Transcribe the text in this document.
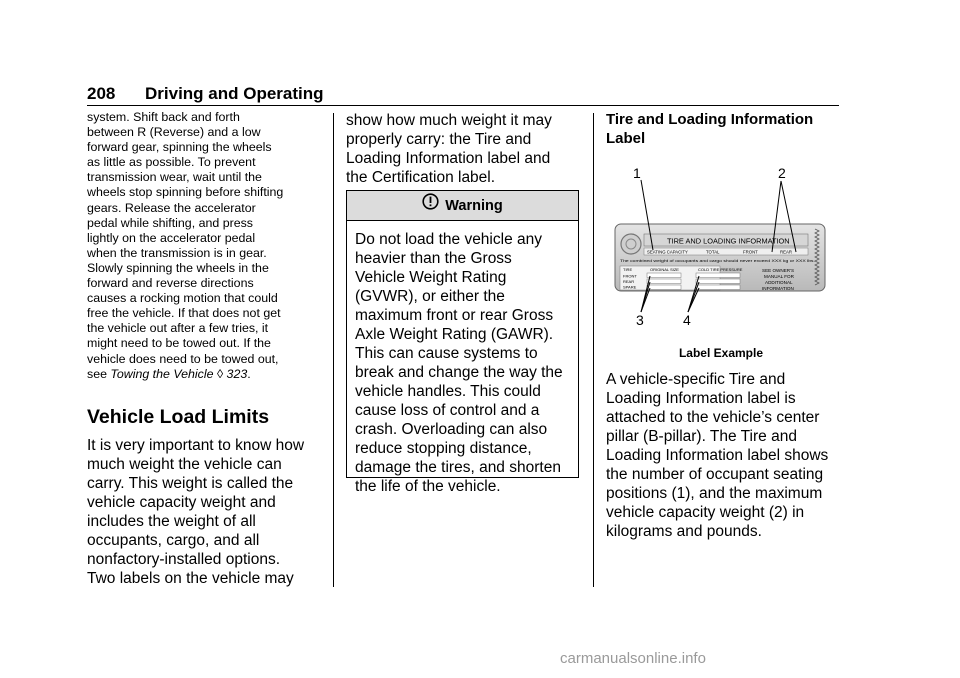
208 Driving and Operating
system. Shift back and forth
between R (Reverse) and a low
forward gear, spinning the wheels
as little as possible. To prevent
transmission wear, wait until the
wheels stop spinning before shifting
gears. Release the accelerator
pedal while shifting, and press
lightly on the accelerator pedal
when the transmission is in gear.
Slowly spinning the wheels in the
forward and reverse directions
causes a rocking motion that could
free the vehicle. If that does not get
the vehicle out after a few tries, it
might need to be towed out. If the
vehicle does need to be towed out,
see Towing the Vehicle ◊ 323.
Vehicle Load Limits
It is very important to know how
much weight the vehicle can
carry. This weight is called the
vehicle capacity weight and
includes the weight of all
occupants, cargo, and all
nonfactory-installed options.
Two labels on the vehicle may
show how much weight it may
properly carry: the Tire and
Loading Information label and
the Certification label.
Warning
Do not load the vehicle any
heavier than the Gross
Vehicle Weight Rating
(GVWR), or either the
maximum front or rear Gross
Axle Weight Rating (GAWR).
This can cause systems to
break and change the way the
vehicle handles. This could
cause loss of control and a
crash. Overloading can also
reduce stopping distance,
damage the tires, and shorten
the life of the vehicle.
Tire and Loading Information
Label
1	2
3	4
TIRE AND LOADING INFORMATION
SEATING CAPACITY	TOTAL	FRONT	REAR
The combined weight of occupants and cargo should never exceed XXX kg or XXX lbs.
TIRE	ORIGINAL SIZE	COLD TIRE PRESSURE
FRONT
REAR
SPARE
SEE OWNER'S
MANUAL FOR
ADDITIONAL
INFORMATION
Label Example
A vehicle-specific Tire and
Loading Information label is
attached to the vehicle’s center
pillar (B-pillar). The Tire and
Loading Information label shows
the number of occupant seating
positions (1), and the maximum
vehicle capacity weight (2) in
kilograms and pounds.
carmanualsonline.info
